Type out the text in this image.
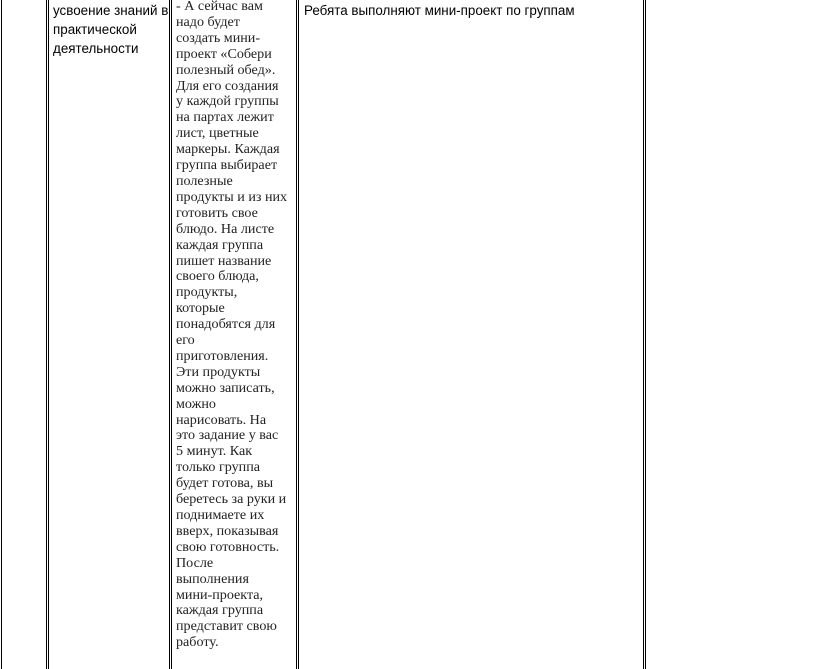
усвоение знаний в
практической
деятельности
- А сейчас вам
надо будет
создать мини-
проект «Собери
полезный обед».
Для его создания
у каждой группы
на партах лежит
лист, цветные
маркеры. Каждая
группа выбирает
полезные
продукты и из них
готовить свое
блюдо. На листе
каждая группа
пишет название
своего блюда,
продукты,
которые
понадобятся для
его
приготовления.
Эти продукты
можно записать,
можно
нарисовать. На
это задание у вас
5 минут. Как
только группа
будет готова, вы
беретесь за руки и
поднимаете их
вверх, показывая
свою готовность.
После
выполнения
мини-проекта,
каждая группа
представит свою
работу.
Ребята выполняют мини-проект по группам
